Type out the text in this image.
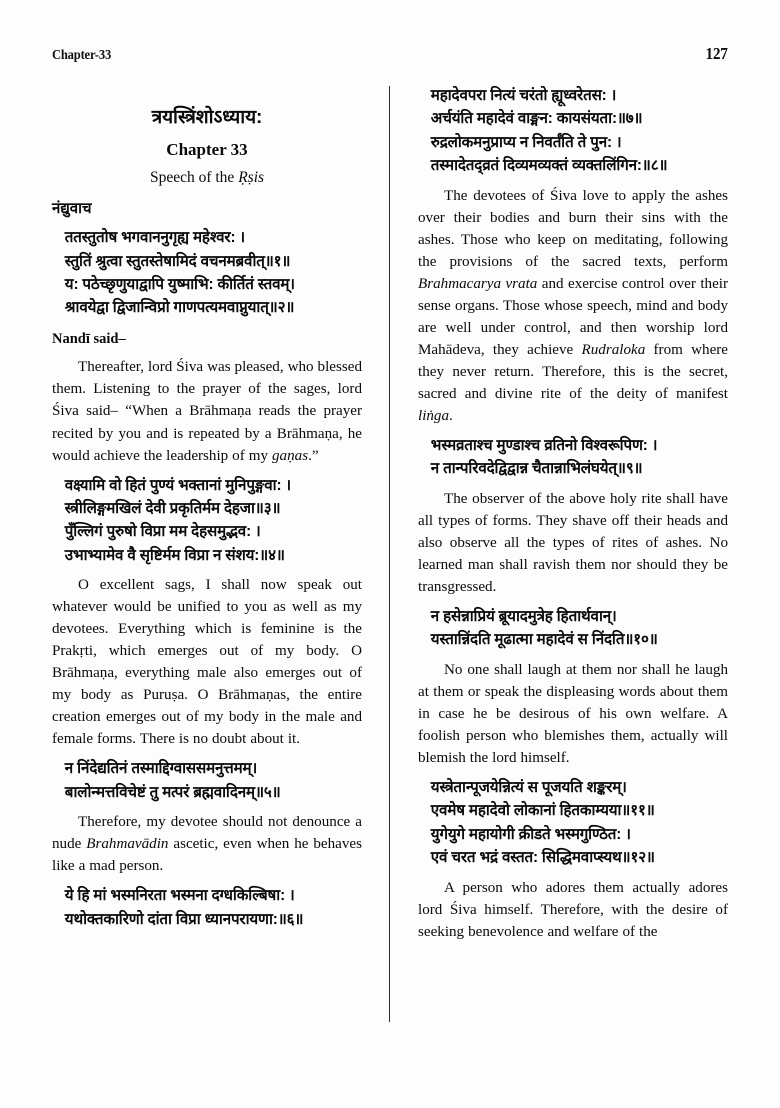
Chapter-33	127
त्रयस्त्रिंशोऽध्याय:
Chapter 33
Speech of the Ṛṣis
नंद्युवाच
ततस्तुतोष भगवाननुगृह्य महेश्वर: ।
स्तुतिं श्रुत्वा स्तुतस्तेषामिदं वचनमब्रवीत्॥१॥
य: पठेच्छृणुयाद्वापि युष्माभि: कीर्तितं स्तवम्।
श्रावयेद्वा द्विजान्विप्रो गाणपत्यमवाप्नुयात्॥२॥
Nandī said–

Thereafter, lord Śiva was pleased, who blessed them. Listening to the prayer of the sages, lord Śiva said– “When a Brāhmaṇa reads the prayer recited by you and is repeated by a Brāhmaṇa, he would achieve the leadership of my gaṇas.”

वक्ष्यामि वो हितं पुण्यं भक्तानां मुनिपुङ्गवा: ।
स्त्रीलिङ्गमखिलं देवी प्रकृतिर्मम देहजा॥३॥
पुँल्लिगं पुरुषो विप्रा मम देहसमुद्भव: ।
उभाभ्यामेव वै सृष्टिर्मम विप्रा न संशय:॥४॥

O excellent sags, I shall now speak out whatever would be unified to you as well as my devotees. Everything which is feminine is the Prakṛti, which emerges out of my body. O Brāhmaṇa, everything male also emerges out of my body as Puruṣa. O Brāhmaṇas, the entire creation emerges out of my body in the male and female forms. There is no doubt about it.

न निंदेद्यतिनं तस्माद्दिग्वाससमनुत्तमम्।
बालोन्मत्तविचेष्टं तु मत्परं ब्रह्मवादिनम्॥५॥

Therefore, my devotee should not denounce a nude Brahmavādin ascetic, even when he behaves like a mad person.

ये हि मां भस्मनिरता भस्मना दग्धकिल्बिषा: ।
यथोक्तकारिणो दांता विप्रा ध्यानपरायणा:॥६॥
महादेवपरा नित्यं चरंतो ह्यूध्वरेतस: ।
अर्चयंति महादेवं वाङ्मन: कायसंयता:॥७॥
रुद्रलोकमनुप्राप्य न निवर्तंति ते पुन: ।
तस्मादेतद्व्रतं दिव्यमव्यक्तं व्यक्तलिंगिन:॥८॥

The devotees of Śiva love to apply the ashes over their bodies and burn their sins with the ashes. Those who keep on meditating, following the provisions of the sacred texts, perform Brahmacarya vrata and exercise control over their sense organs. Those whose speech, mind and body are well under control, and then worship lord Mahādeva, they achieve Rudraloka from where they never return. Therefore, this is the secret, sacred and divine rite of the deity of manifest liṅga.

भस्मव्रताश्च मुण्डाश्च व्रतिनो विश्वरूपिण: ।
न तान्परिवदेद्विद्वान्न चैतान्नाभिलंघयेत्॥९॥

The observer of the above holy rite shall have all types of forms. They shave off their heads and also observe all the types of rites of ashes. No learned man shall ravish them nor should they be transgressed.

न हसेन्नाप्रियं ब्रूयादमुत्रेह हितार्थवान्।
यस्तान्निंदति मूढात्मा महादेवं स निंदति॥१०॥

No one shall laugh at them nor shall he laugh at them or speak the displeasing words about them in case he be desirous of his own welfare. A foolish person who blemishes them, actually will blemish the lord himself.

यस्त्रेतान्पूजयेन्नित्यं स पूजयति शङ्करम्।
एवमेष महादेवो लोकानां हितकाम्यया॥११॥
युगेयुगे महायोगी क्रीडते भस्मगुण्ठित: ।
एवं चरत भद्रं वस्तत: सिद्धिमवाप्स्यथ॥१२॥

A person who adores them actually adores lord Śiva himself. Therefore, with the desire of seeking benevolence and welfare of the
